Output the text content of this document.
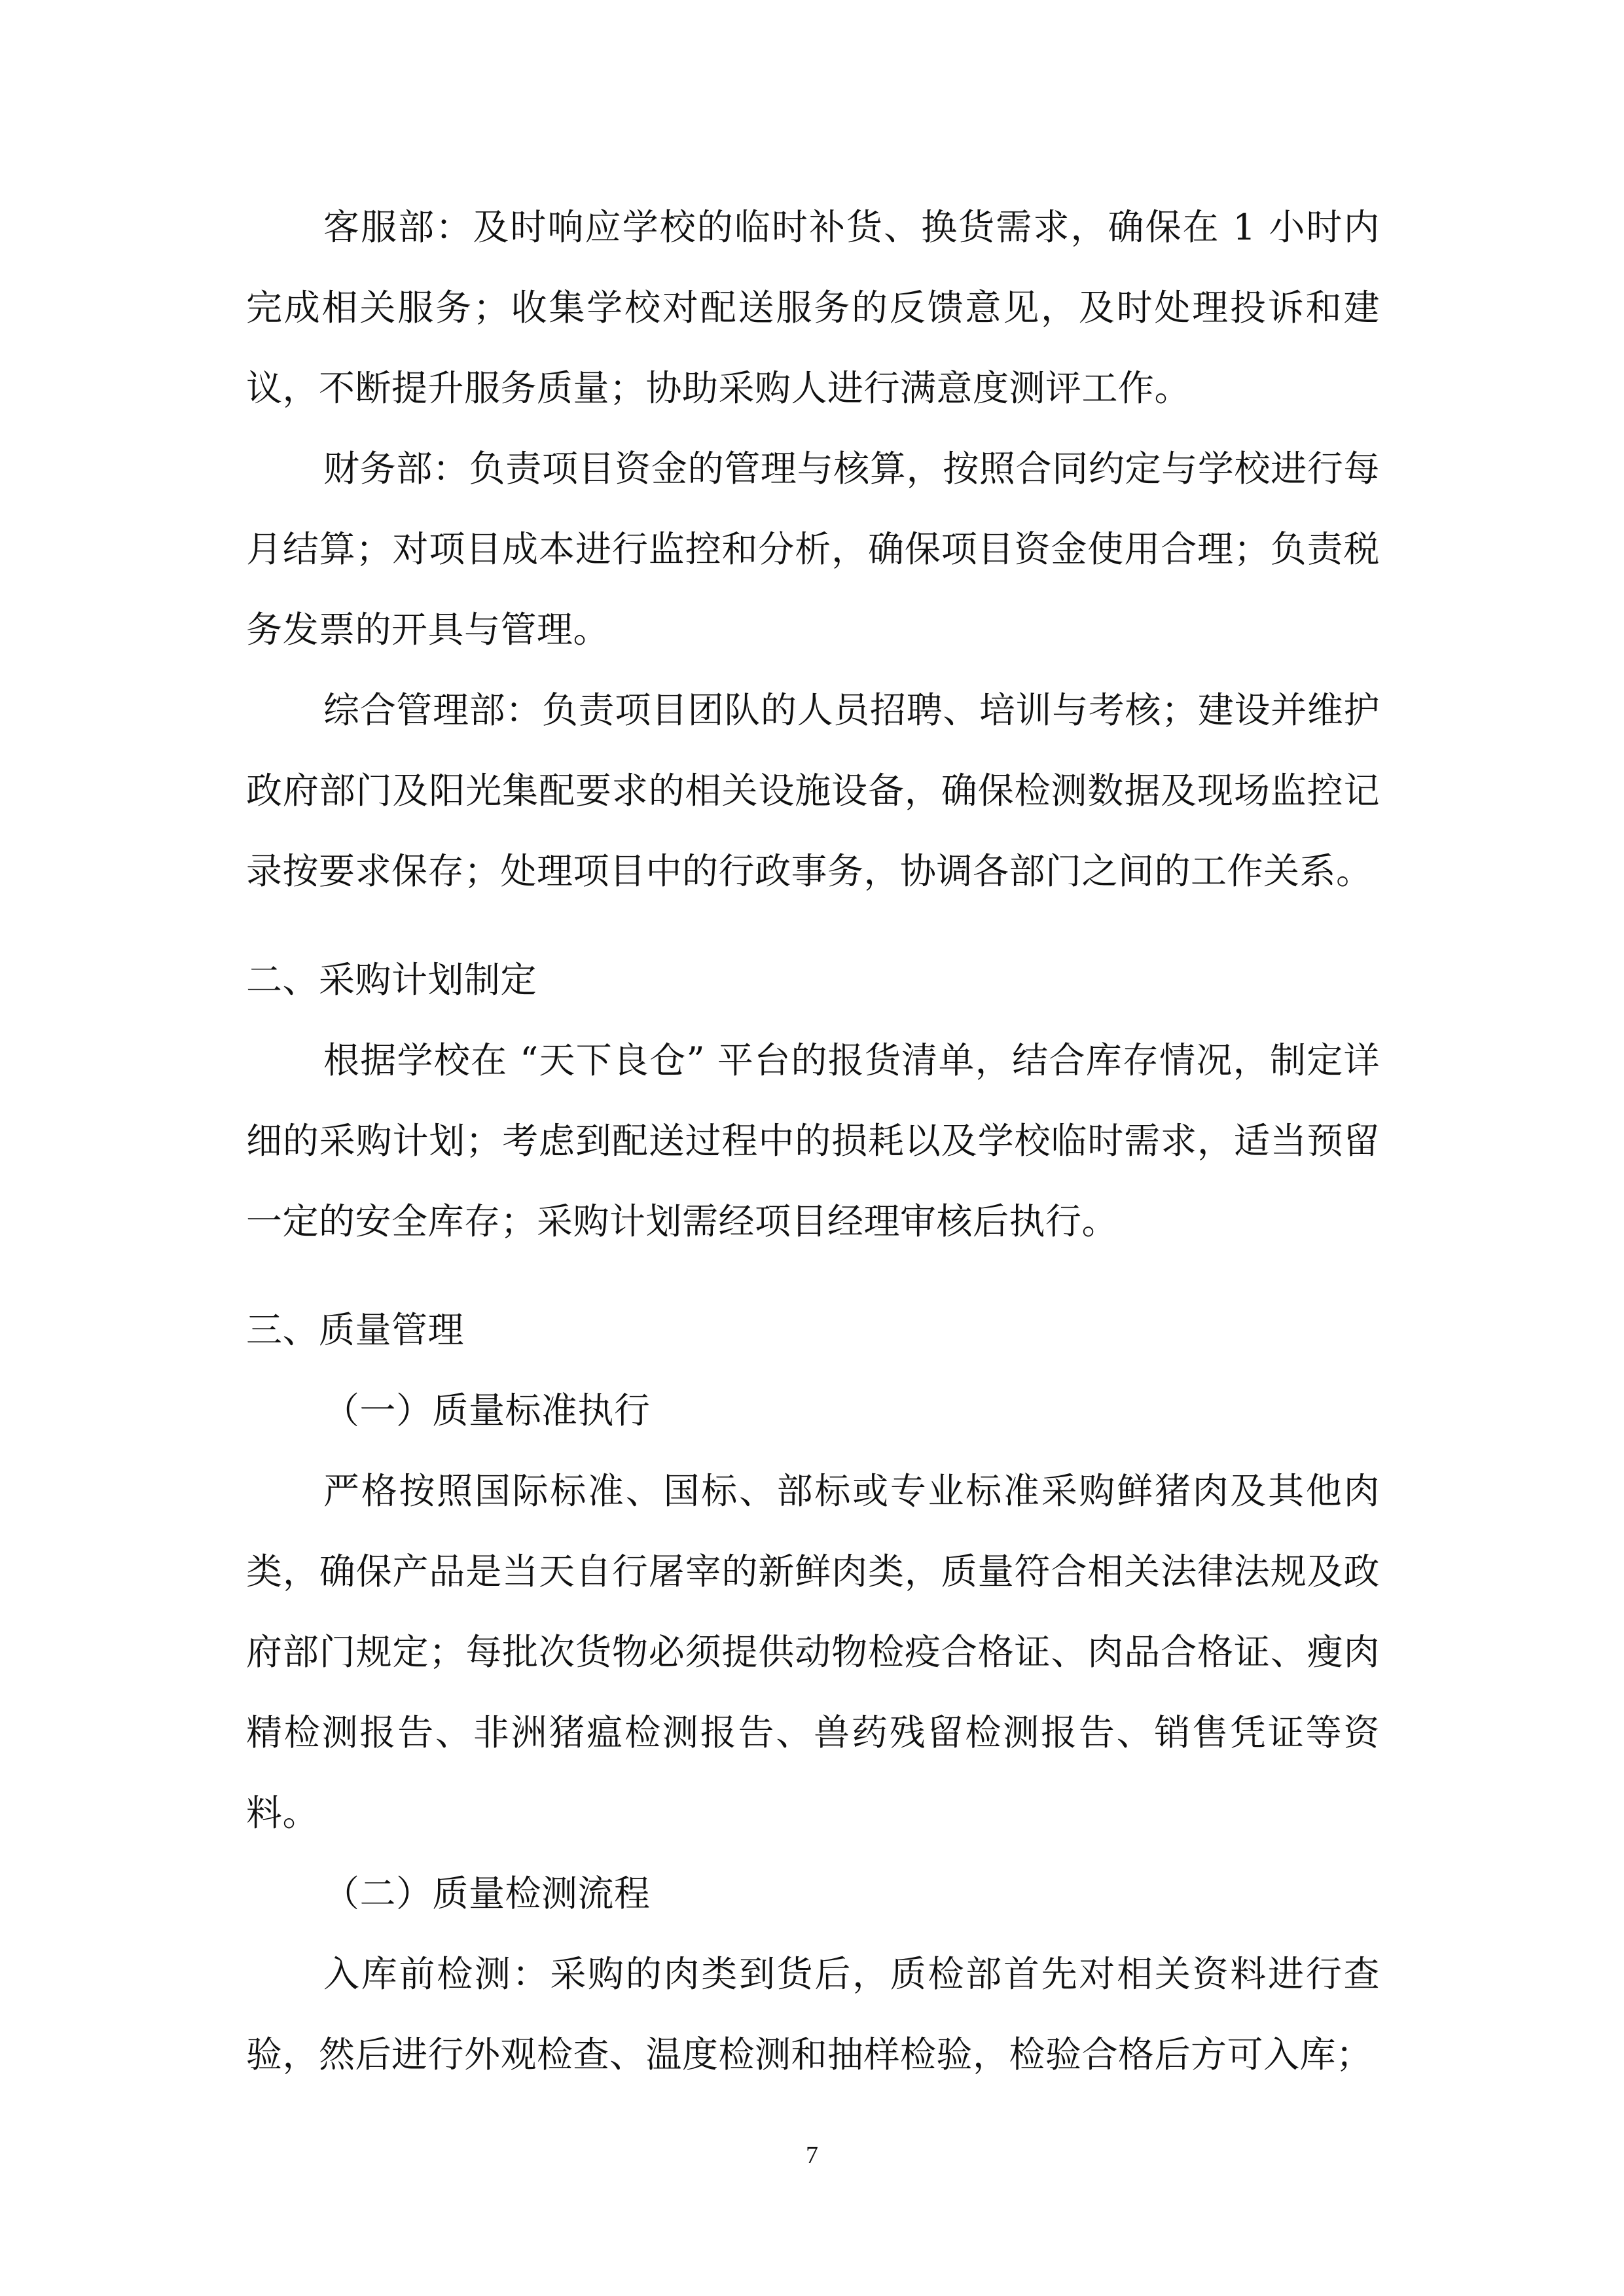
客服部：及时响应学校的临时补货、换货需求，确保在 1 小时内完成相关服务；收集学校对配送服务的反馈意见，及时处理投诉和建议，不断提升服务质量；协助采购人进行满意度测评工作。

财务部：负责项目资金的管理与核算，按照合同约定与学校进行每月结算；对项目成本进行监控和分析，确保项目资金使用合理；负责税务发票的开具与管理。

综合管理部：负责项目团队的人员招聘、培训与考核；建设并维护政府部门及阳光集配要求的相关设施设备，确保检测数据及现场监控记录按要求保存；处理项目中的行政事务，协调各部门之间的工作关系。

二、采购计划制定

根据学校在 “天下良仓” 平台的报货清单，结合库存情况，制定详细的采购计划；考虑到配送过程中的损耗以及学校临时需求，适当预留一定的安全库存；采购计划需经项目经理审核后执行。

三、质量管理

（一）质量标准执行

严格按照国际标准、国标、部标或专业标准采购鲜猪肉及其他肉类，确保产品是当天自行屠宰的新鲜肉类，质量符合相关法律法规及政府部门规定；每批次货物必须提供动物检疫合格证、肉品合格证、瘦肉精检测报告、非洲猪瘟检测报告、兽药残留检测报告、销售凭证等资料。

（二）质量检测流程

入库前检测：采购的肉类到货后，质检部首先对相关资料进行查验，然后进行外观检查、温度检测和抽样检验，检验合格后方可入库；

7
